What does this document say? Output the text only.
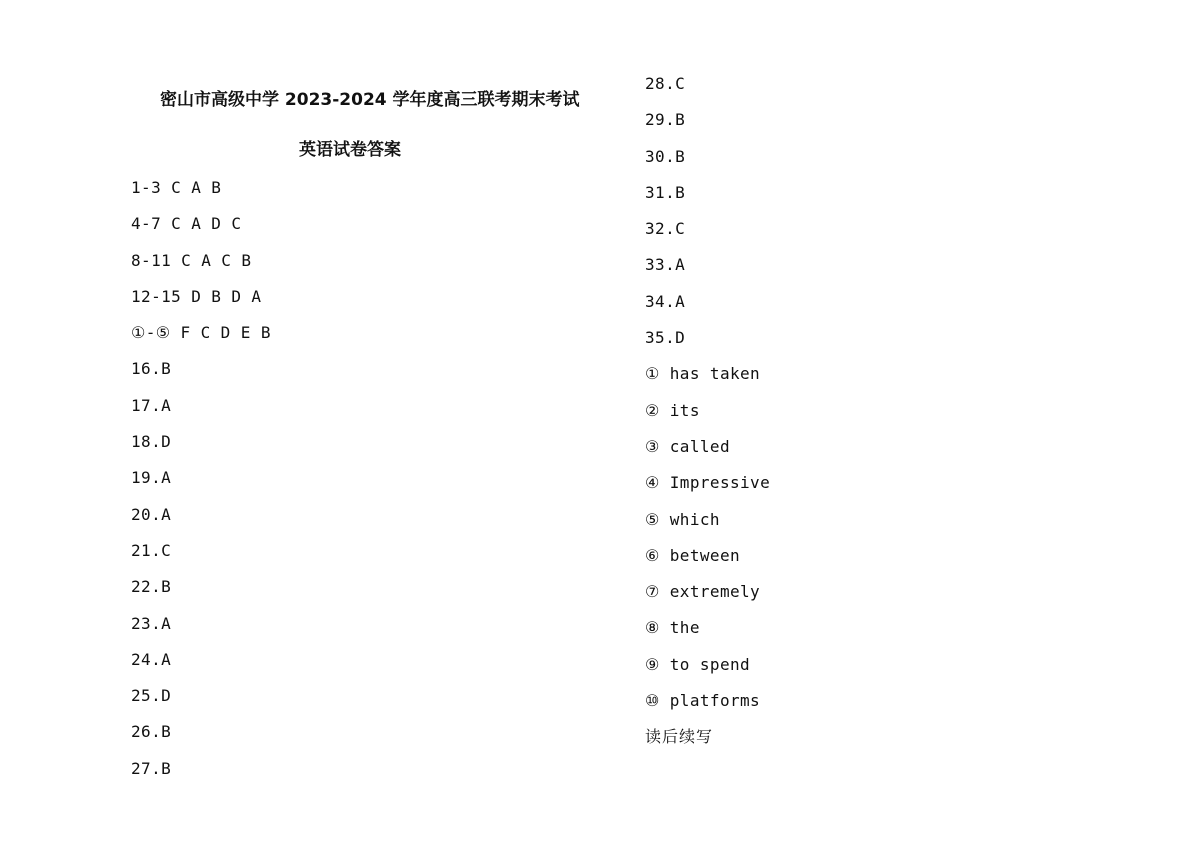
密山市高级中学 2023-2024 学年度高三联考期末考试
英语试卷答案
1-3 C A B
4-7 C A D C
8-11 C A C B
12-15 D B D A
①-⑤ F C D E B
16.B
17.A
18.D
19.A
20.A
21.C
22.B
23.A
24.A
25.D
26.B
27.B
28.C
29.B
30.B
31.B
32.C
33.A
34.A
35.D
① has taken
② its
③ called
④ Impressive
⑤ which
⑥ between
⑦ extremely
⑧ the
⑨ to spend
⑩ platforms
读后续写
